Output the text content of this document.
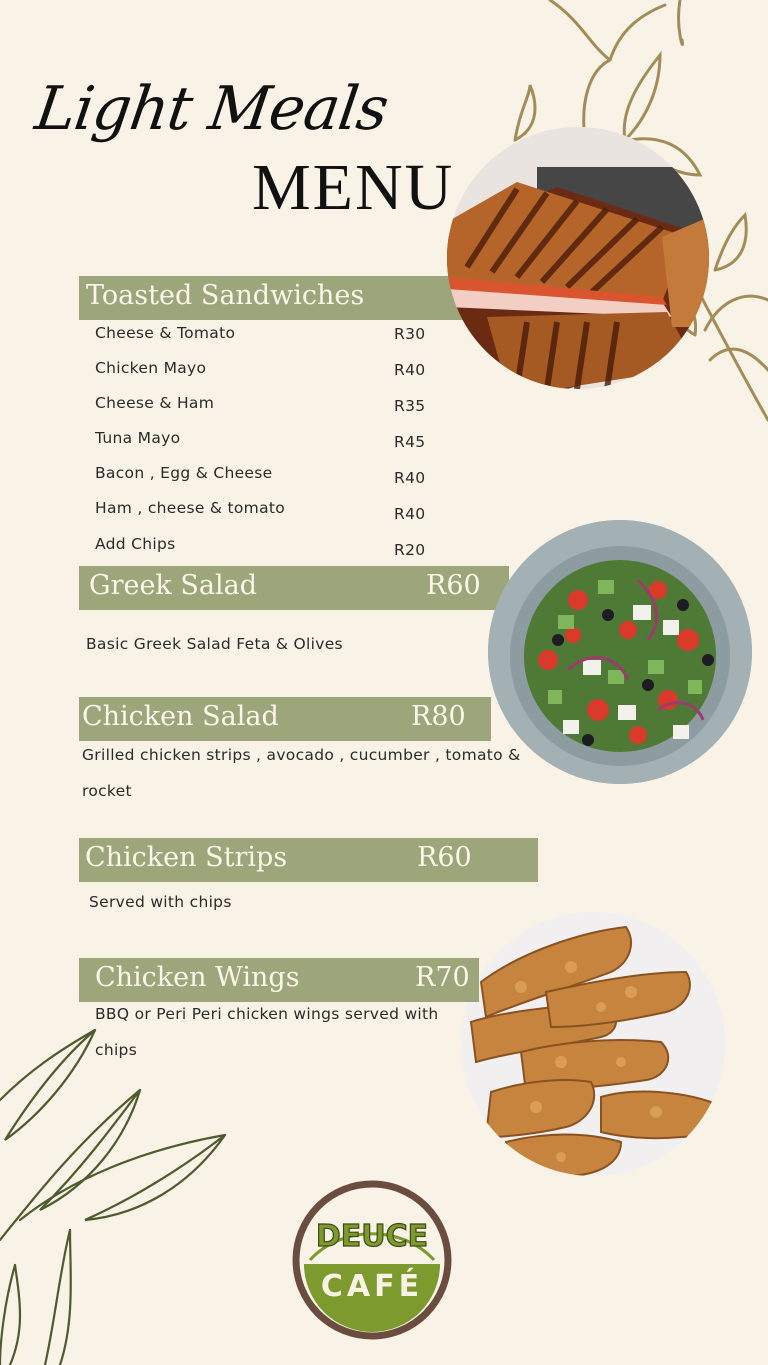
Light Meals
MENU
Toasted Sandwiches
Cheese & Tomato	R30
Chicken Mayo	R40
Cheese & Ham	R35
Tuna Mayo	R45
Bacon , Egg & Cheese	R40
Ham , cheese & tomato	R40
Add Chips	R20
Greek Salad	R60
Basic Greek Salad Feta & Olives
Chicken Salad	R80
Grilled chicken strips , avocado , cucumber , tomato & rocket
Chicken Strips	R60
Served with chips
Chicken Wings	R70
BBQ or Peri Peri chicken wings served with chips
DEUCE
CAFÉ
